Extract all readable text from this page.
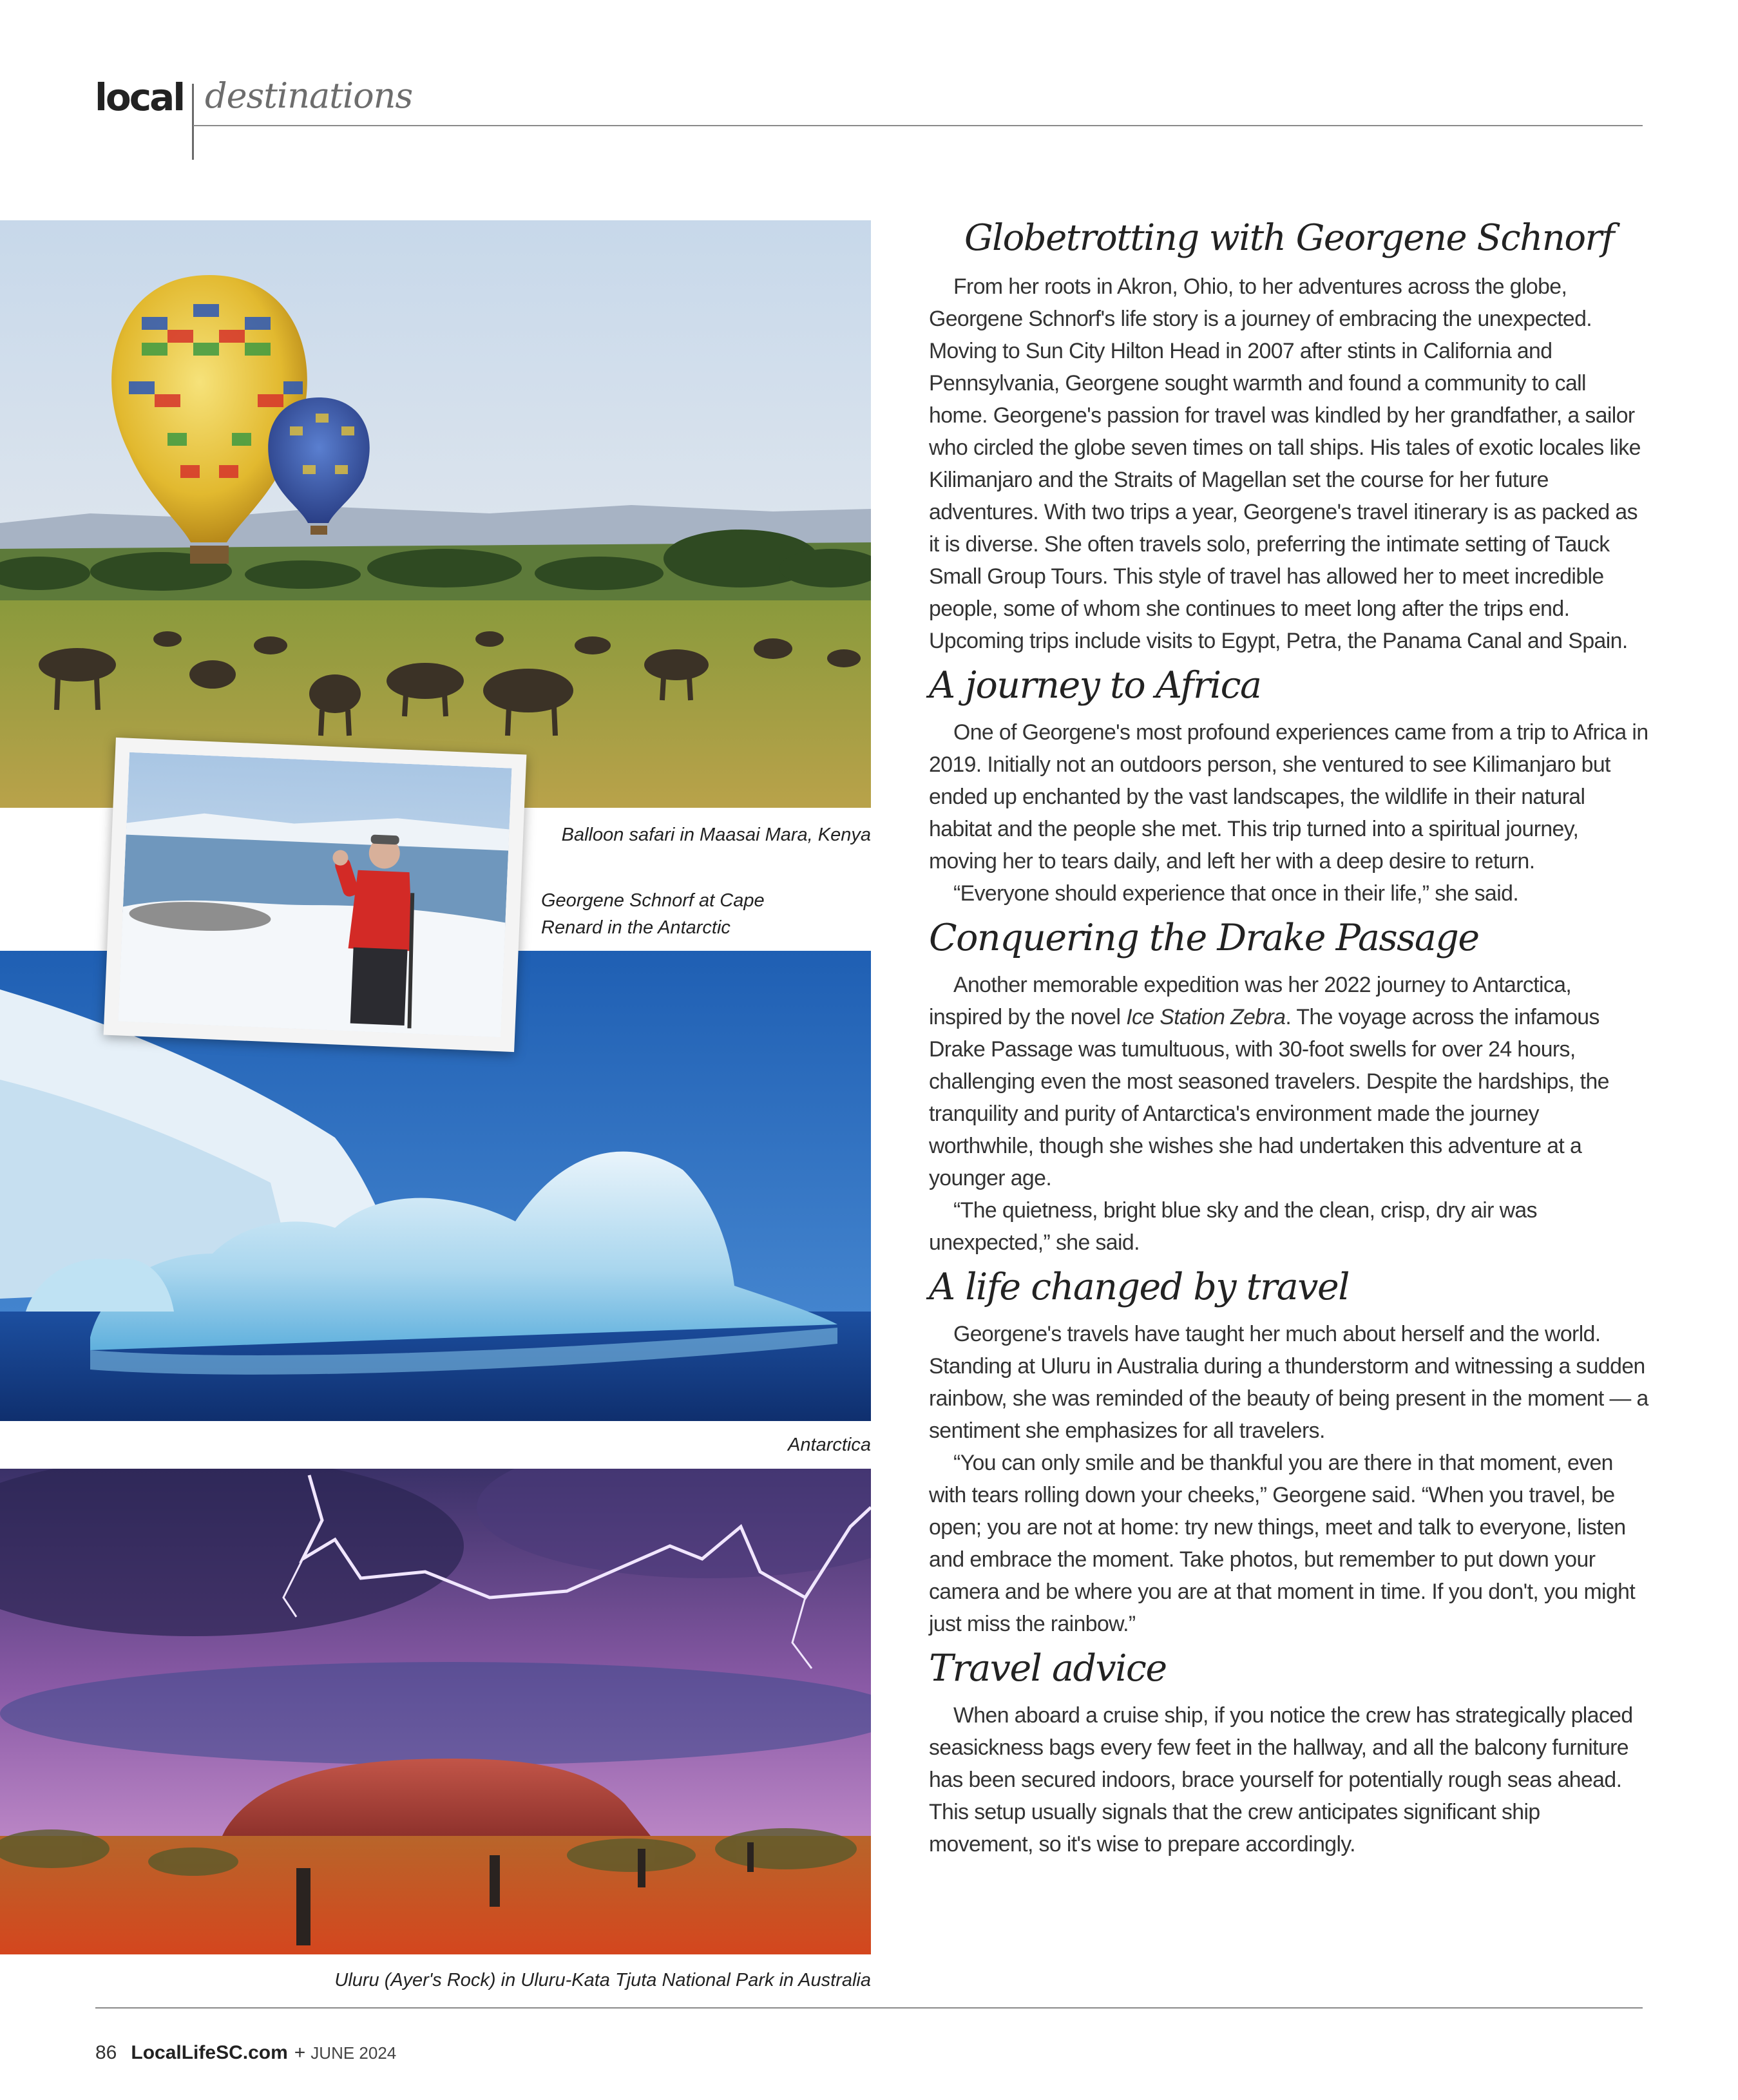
local destinations
Balloon safari in Maasai Mara, Kenya
Antarctica
Georgene Schnorf at Cape
Renard in the Antarctic
Uluru (Ayer's Rock) in Uluru-Kata Tjuta National Park in Australia
Globetrotting with Georgene Schnorf

From her roots in Akron, Ohio, to her adventures across the globe, Georgene Schnorf's life story is a journey of embracing the unexpected. Moving to Sun City Hilton Head in 2007 after stints in California and Pennsylvania, Georgene sought warmth and found a community to call home. Georgene's passion for travel was kindled by her grandfather, a sailor who circled the globe seven times on tall ships. His tales of exotic locales like Kilimanjaro and the Straits of Magellan set the course for her future adventures. With two trips a year, Georgene's travel itinerary is as packed as it is diverse. She often travels solo, preferring the intimate setting of Tauck Small Group Tours. This style of travel has allowed her to meet incredible people, some of whom she continues to meet long after the trips end. Upcoming trips include visits to Egypt, Petra, the Panama Canal and Spain.

A journey to Africa

One of Georgene's most profound experiences came from a trip to Africa in 2019. Initially not an outdoors person, she ventured to see Kilimanjaro but ended up enchanted by the vast landscapes, the wildlife in their natural habitat and the people she met. This trip turned into a spiritual journey, moving her to tears daily, and left her with a deep desire to return.

“Everyone should experience that once in their life,” she said.

Conquering the Drake Passage

Another memorable expedition was her 2022 journey to Antarctica, inspired by the novel Ice Station Zebra. The voyage across the infamous Drake Passage was tumultuous, with 30-foot swells for over 24 hours, challenging even the most seasoned travelers. Despite the hardships, the tranquility and purity of Antarctica's environment made the journey worthwhile, though she wishes she had undertaken this adventure at a younger age.

“The quietness, bright blue sky and the clean, crisp, dry air was unexpected,” she said.

A life changed by travel

Georgene's travels have taught her much about herself and the world. Standing at Uluru in Australia during a thunderstorm and witnessing a sudden rainbow, she was reminded of the beauty of being present in the moment — a sentiment she emphasizes for all travelers.

“You can only smile and be thankful you are there in that moment, even with tears rolling down your cheeks,” Georgene said. “When you travel, be open; you are not at home: try new things, meet and talk to everyone, listen and embrace the moment. Take photos, but remember to put down your camera and be where you are at that moment in time. If you don't, you might just miss the rainbow.”

Travel advice

When aboard a cruise ship, if you notice the crew has strategically placed seasickness bags every few feet in the hallway, and all the balcony furniture has been secured indoors, brace yourself for potentially rough seas ahead. This setup usually signals that the crew anticipates significant ship movement, so it's wise to prepare accordingly.

86 LocalLifeSC.com + JUNE 2024
